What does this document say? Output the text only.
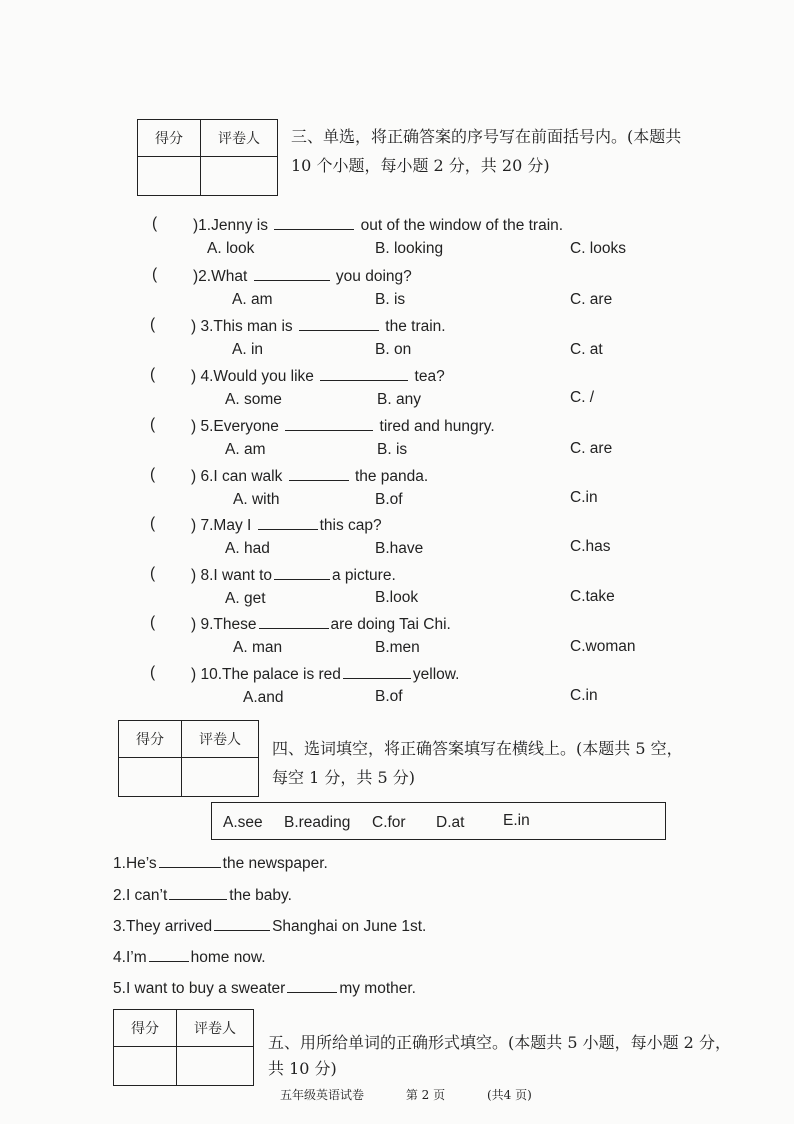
得分	评卷人	三、单选，将正确答案的序号写在前面括号内。(本题共
10 个小题，每小题 2 分，共 20 分)
( )1.Jenny is	out of the window of the train.
A. look	B. looking	C. looks
( )2.What	you doing?
A. am	B. is	C. are
( ) 3.This man is	the train.
A. in	B. on	C. at
( ) 4.Would you like	tea?
A. some	B. any	C. /
( ) 5.Everyone	tired and hungry.
A. am	B. is	C. are
( ) 6.I can walk	the panda.
A. with	B.of	C.in
( ) 7.May I	this cap?
A. had	B.have	C.has
( ) 8.I want to	a picture.
A. get	B.look	C.take
( ) 9.These	are doing Tai Chi.
A. man	B.men	C.woman
( ) 10.The palace is red	yellow.
A.and	B.of	C.in
得分	评卷人	四、选词填空，将正确答案填写在横线上。(本题共 5 空，
每空 1 分，共 5 分)
A.see B.reading C.for D.at E.in
1.He’s	the newspaper.
2.I can’t	the baby.
3.They arrived	Shanghai on June 1st.
4.I’m	home now.
5.I want to buy a sweater	my mother.
得分	评卷人
五、用所给单词的正确形式填空。(本题共 5 小题，每小题 2 分，
共 10 分)
五年级英语试卷	第 2 页	(共4 页)
